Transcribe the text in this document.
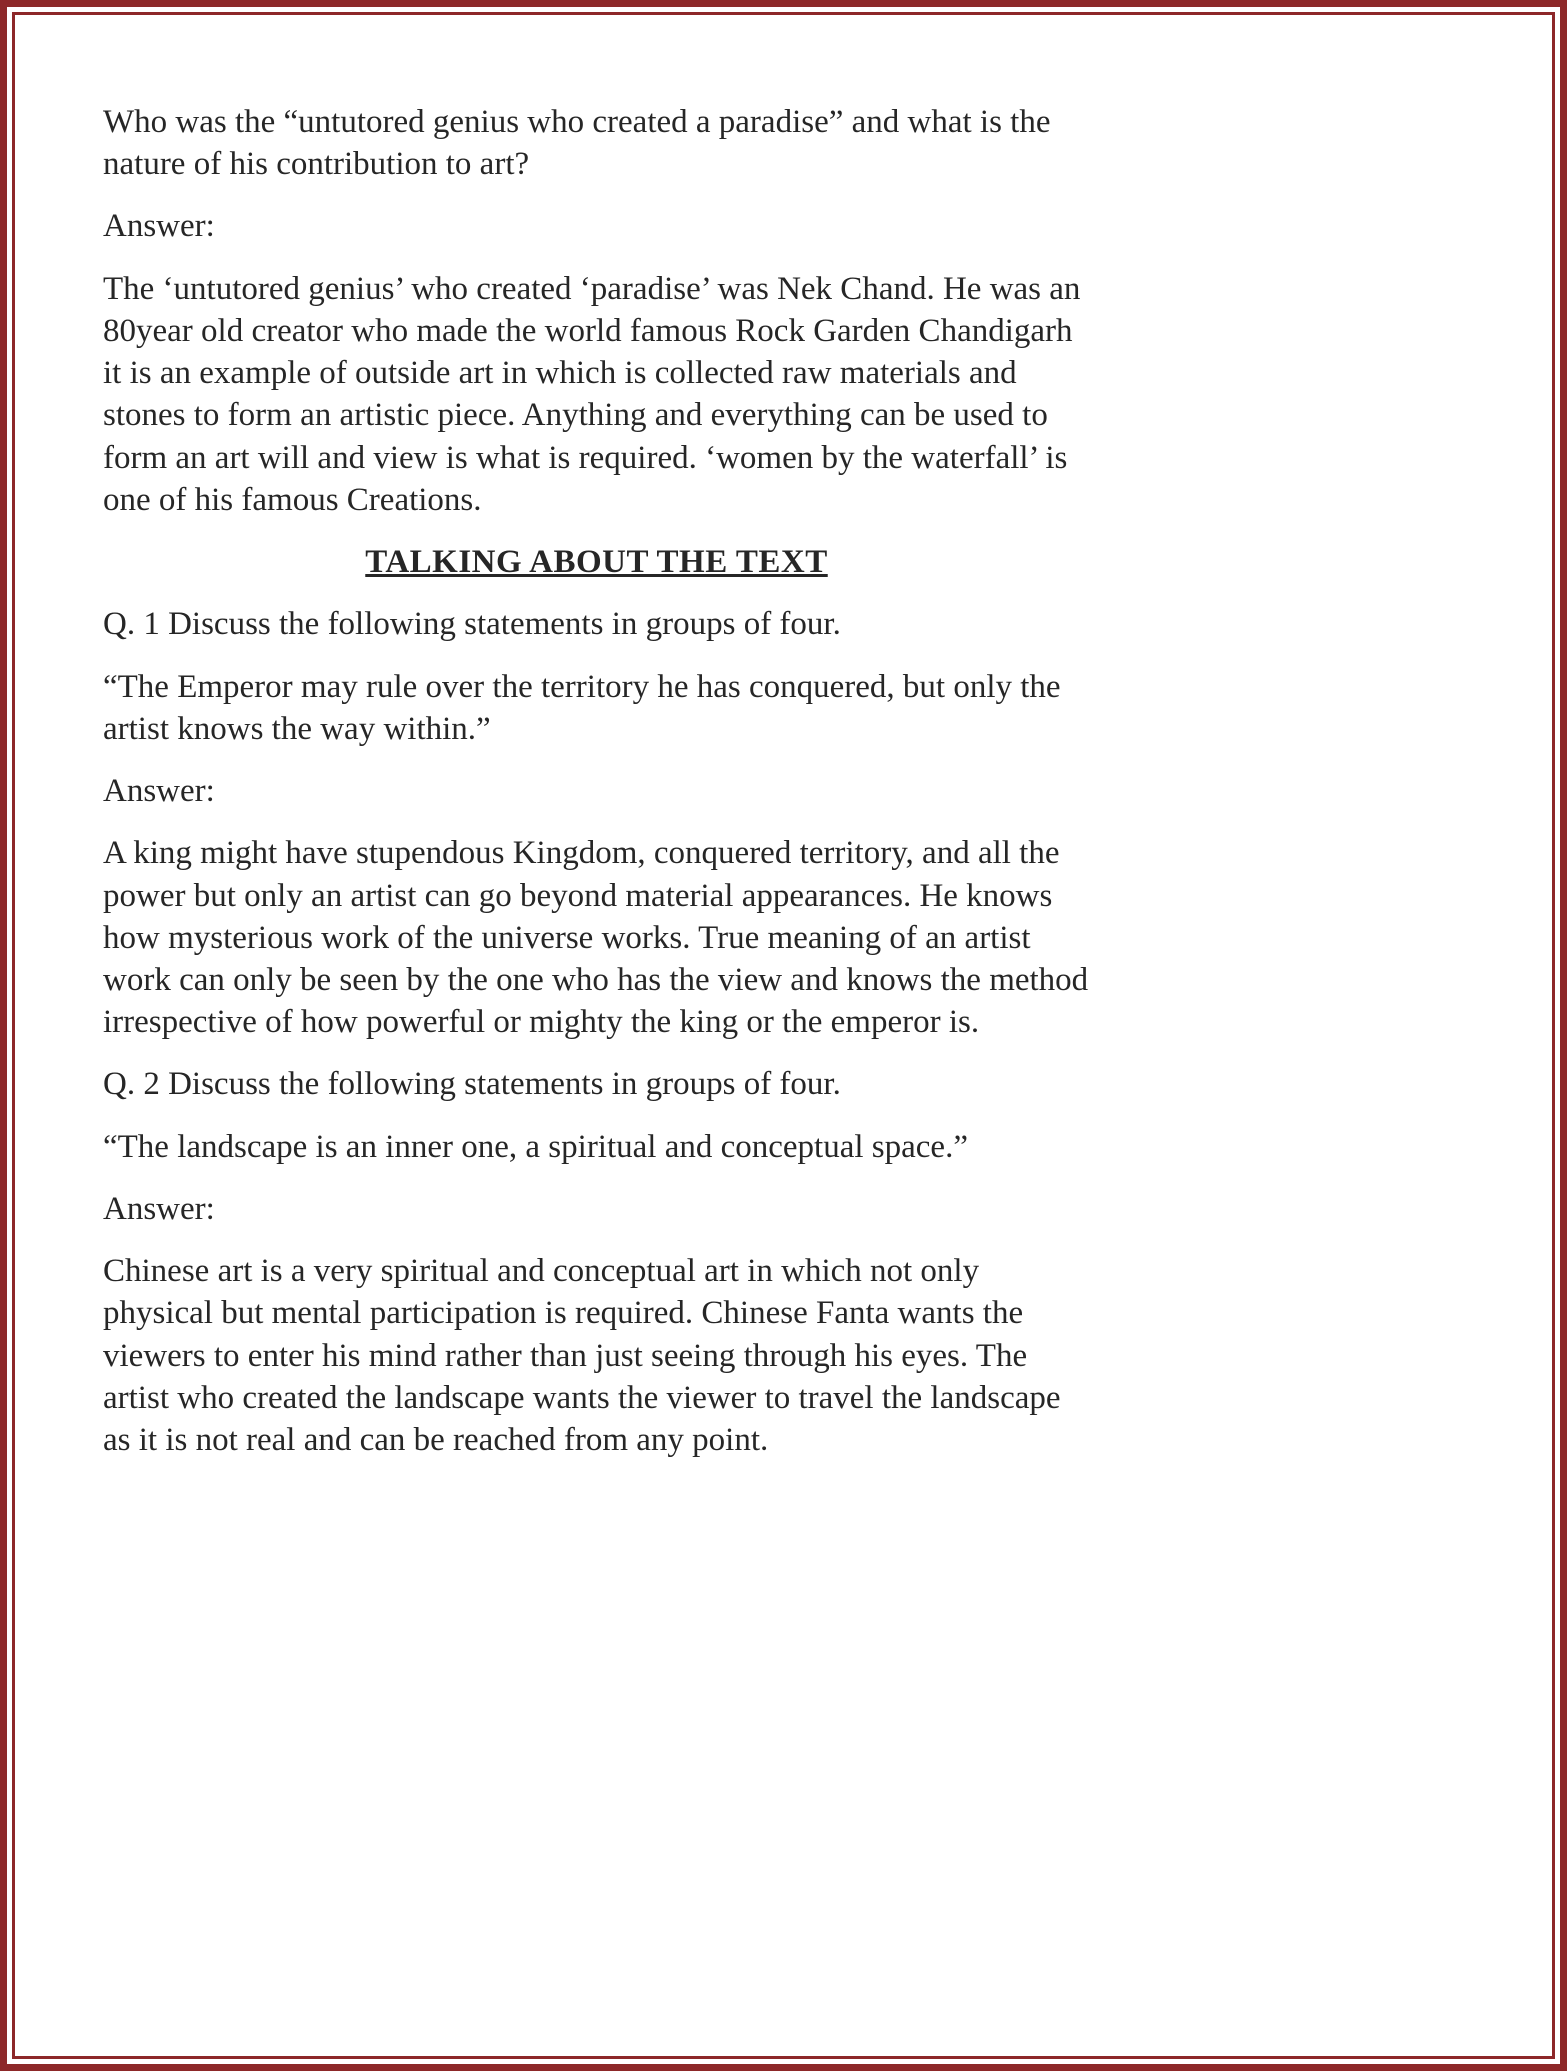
Who was the “untutored genius who created a paradise” and what is the nature of his contribution to art?

Answer:

The ‘untutored genius’ who created ‘paradise’ was Nek Chand. He was an 80year old creator who made the world famous Rock Garden Chandigarh it is an example of outside art in which is collected raw materials and stones to form an artistic piece. Anything and everything can be used to form an art will and view is what is required. ‘women by the waterfall’ is one of his famous Creations.

TALKING ABOUT THE TEXT

Q. 1 Discuss the following statements in groups of four.

“The Emperor may rule over the territory he has conquered, but only the artist knows the way within.”

Answer:

A king might have stupendous Kingdom, conquered territory, and all the power but only an artist can go beyond material appearances. He knows how mysterious work of the universe works. True meaning of an artist work can only be seen by the one who has the view and knows the method irrespective of how powerful or mighty the king or the emperor is.

Q. 2 Discuss the following statements in groups of four.

“The landscape is an inner one, a spiritual and conceptual space.”

Answer:

Chinese art is a very spiritual and conceptual art in which not only physical but mental participation is required. Chinese Fanta wants the viewers to enter his mind rather than just seeing through his eyes. The artist who created the landscape wants the viewer to travel the landscape as it is not real and can be reached from any point.
